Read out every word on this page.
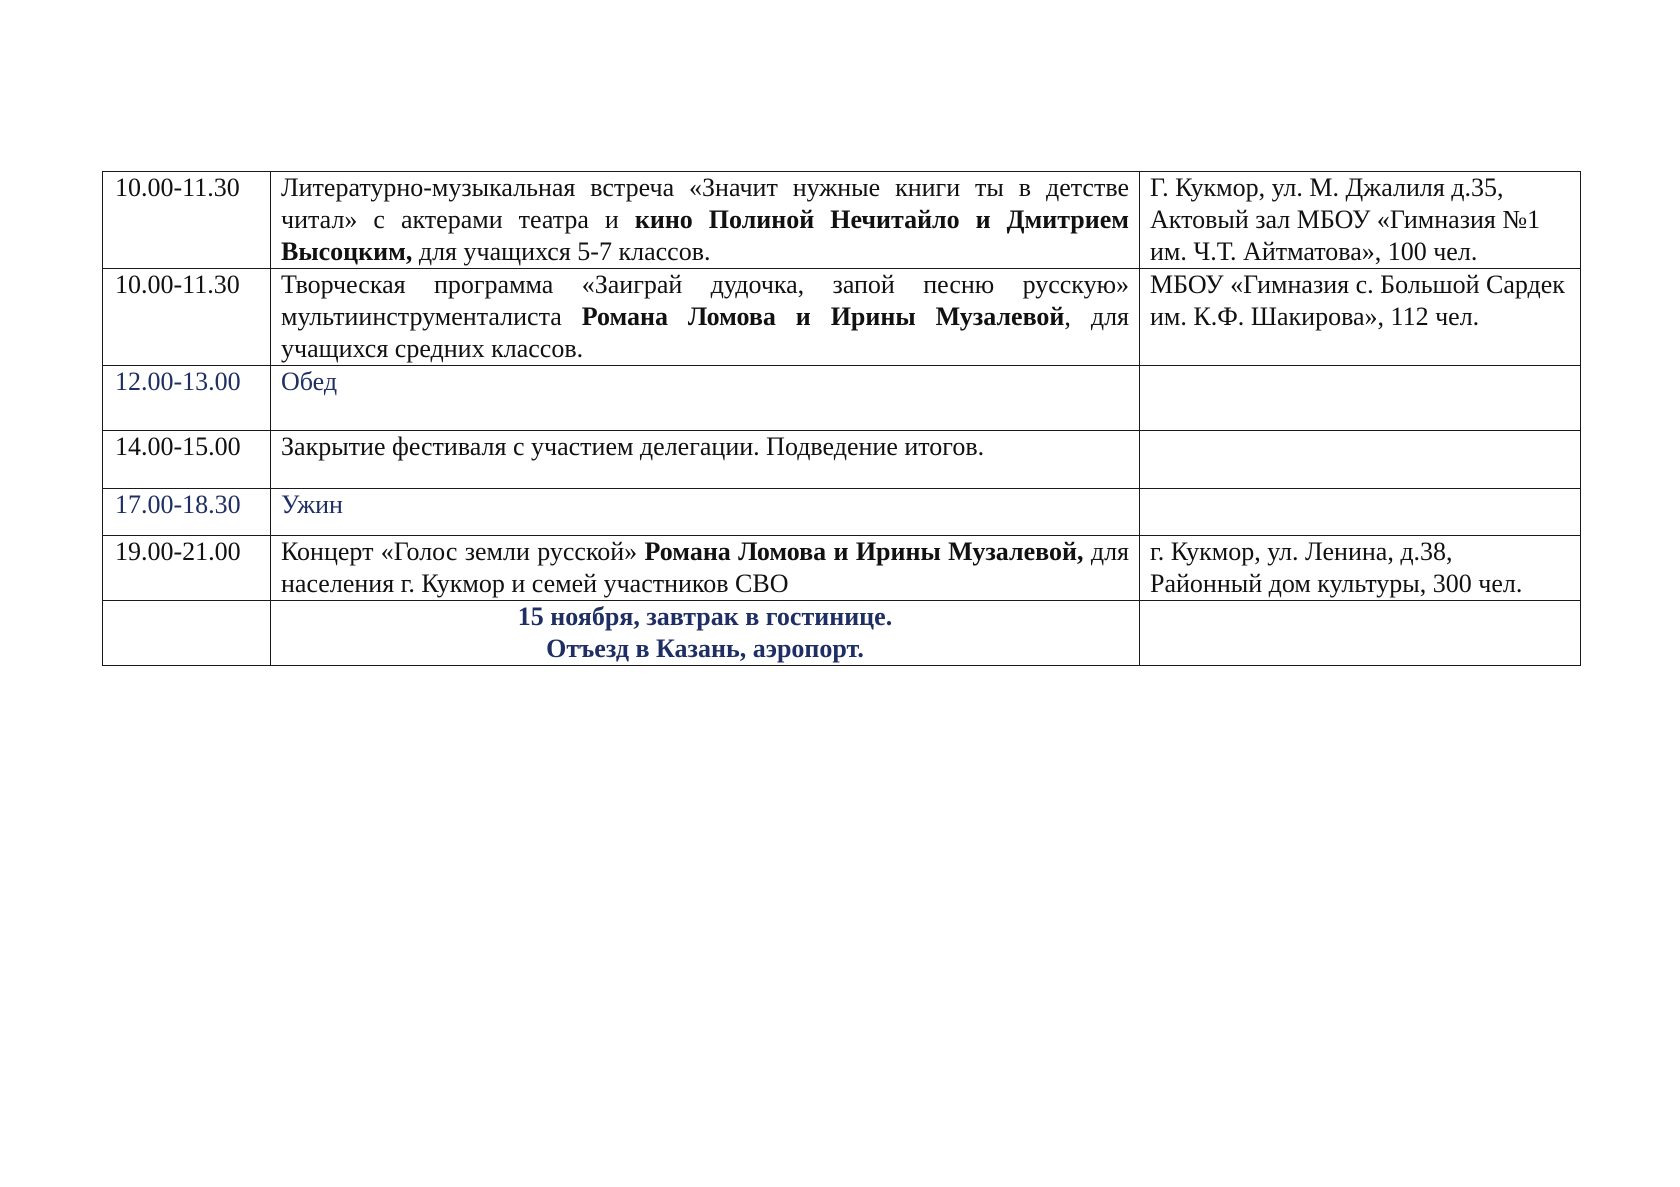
10.00-11.30	Литературно-музыкальная встреча «Значит нужные книги ты в детстве читал» с актерами театра и кино Полиной Нечитайло и Дмитрием Высоцким, для учащихся 5-7 классов.	Г. Кукмор, ул. М. Джалиля д.35, Актовый зал МБОУ «Гимназия №1 им. Ч.Т. Айтматова», 100 чел.
10.00-11.30	Творческая программа «Заиграй дудочка, запой песню русскую» мультиинструменталиста Романа Ломова и Ирины Музалевой, для учащихся средних классов.	МБОУ «Гимназия с. Большой Сардек им. К.Ф. Шакирова», 112 чел.
12.00-13.00	Обед	
14.00-15.00	Закрытие фестиваля с участием делегации. Подведение итогов.	
17.00-18.30	Ужин	
19.00-21.00	Концерт «Голос земли русской» Романа Ломова и Ирины Музалевой, для населения г. Кукмор и семей участников СВО	г. Кукмор, ул. Ленина, д.38, Районный дом культуры, 300 чел.

	15 ноября, завтрак в гостинице.
Отъезд в Казань, аэропорт.	
